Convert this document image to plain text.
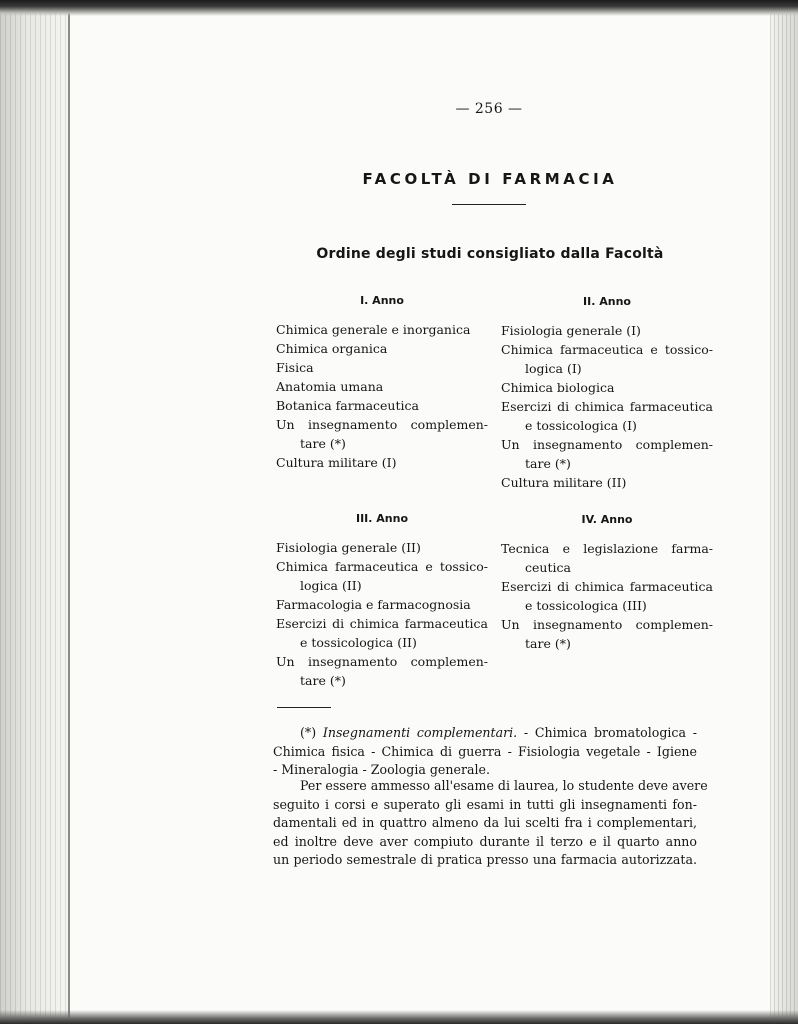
— 256 —
FACOLTÀ DI FARMACIA
Ordine degli studi consigliato dalla Facoltà
I. Anno
Chimica generale e inorganica
Chimica organica
Fisica
Anatomia umana
Botanica farmaceutica
Un insegnamento complemen-
tare (*)
Cultura militare (I)
II. Anno
Fisiologia generale (I)
Chimica farmaceutica e tossico-
logica (I)
Chimica biologica
Esercizi di chimica farmaceutica
e tossicologica (I)
Un insegnamento complemen-
tare (*)
Cultura militare (II)
III. Anno
Fisiologia generale (II)
Chimica farmaceutica e tossico-
logica (II)
Farmacologia e farmacognosia
Esercizi di chimica farmaceutica
e tossicologica (II)
Un insegnamento complemen-
tare (*)
IV. Anno
Tecnica e legislazione farma-
ceutica
Esercizi di chimica farmaceutica
e tossicologica (III)
Un insegnamento complemen-
tare (*)
(*) Insegnamenti complementari. - Chimica bromatologica -
Chimica fisica - Chimica di guerra - Fisiologia vegetale - Igiene
- Mineralogia - Zoologia generale.
Per essere ammesso all'esame di laurea, lo studente deve avere
seguito i corsi e superato gli esami in tutti gli insegnamenti fon-
damentali ed in quattro almeno da lui scelti fra i complementari,
ed inoltre deve aver compiuto durante il terzo e il quarto anno
un periodo semestrale di pratica presso una farmacia autorizzata.
